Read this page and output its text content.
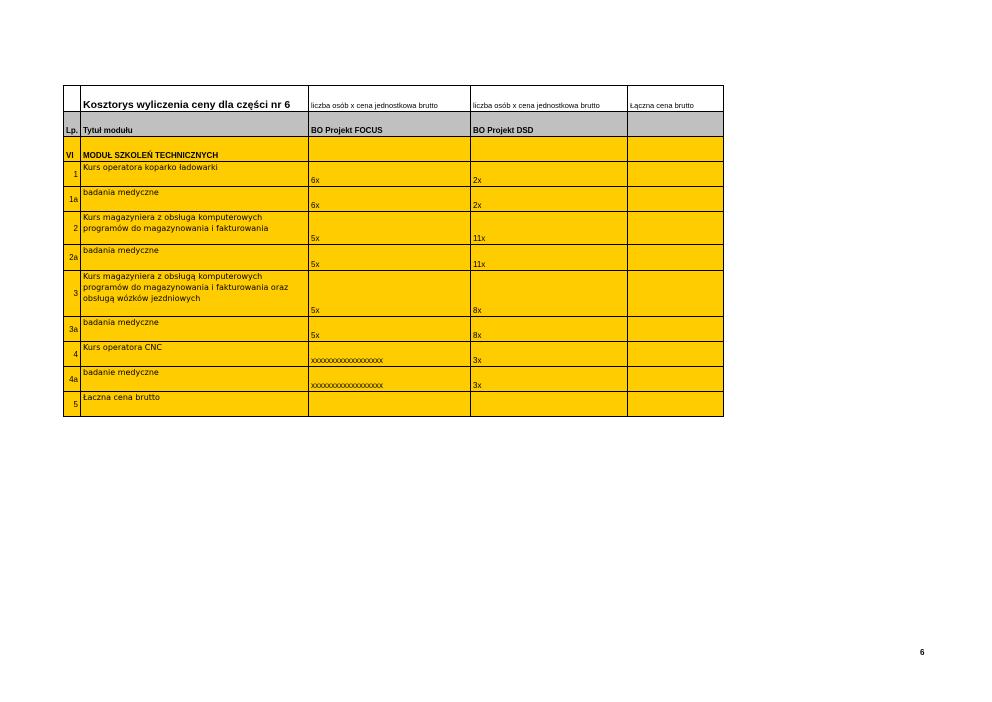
	Kosztorys wyliczenia ceny dla części nr 6	liczba osób x cena jednostkowa brutto	liczba osób x cena jednostkowa brutto	Łączna cena brutto
Lp.	Tytuł modułu	BO Projekt FOCUS	BO Projekt DSD	
VI	MODUŁ SZKOLEŃ TECHNICZNYCH			
1	Kurs operatora koparko ładowarki	6x	2x	
1a	badania medyczne	6x	2x	
2	Kurs magazyniera z obsługa komputerowych programów do magazynowania i fakturowania	5x	11x	
2a	badania medyczne	5x	11x	
3	Kurs magazyniera z obsługą komputerowych programów do magazynowania i fakturowania oraz obsługą wózków jezdniowych	5x	8x	
3a	badania medyczne	5x	8x	
4	Kurs operatora CNC	xxxxxxxxxxxxxxxxxx	3x	
4a	badanie medyczne	xxxxxxxxxxxxxxxxxx	3x	
5	Łaczna cena brutto			
6
